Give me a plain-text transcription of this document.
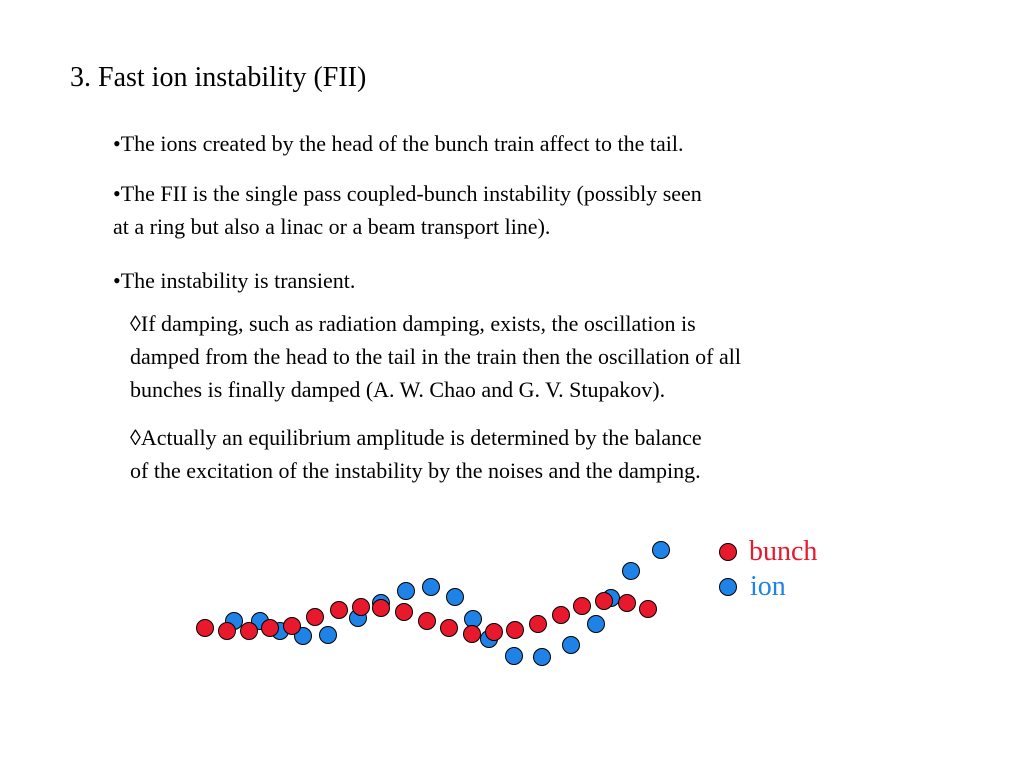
3. Fast ion instability (FII)
•The ions created by the head of the bunch train affect to the tail.
•The FII is the single pass coupled-bunch instability (possibly seen
at a ring but also a linac or a beam transport line).
•The instability is transient.
◊If damping, such as radiation damping, exists, the oscillation is
damped from the head to the tail in the train then the oscillation of all
bunches is finally damped (A. W. Chao and G. V. Stupakov).
◊Actually an equilibrium amplitude is determined by the balance
of the excitation of the instability by the noises and the damping.
bunch
ion
